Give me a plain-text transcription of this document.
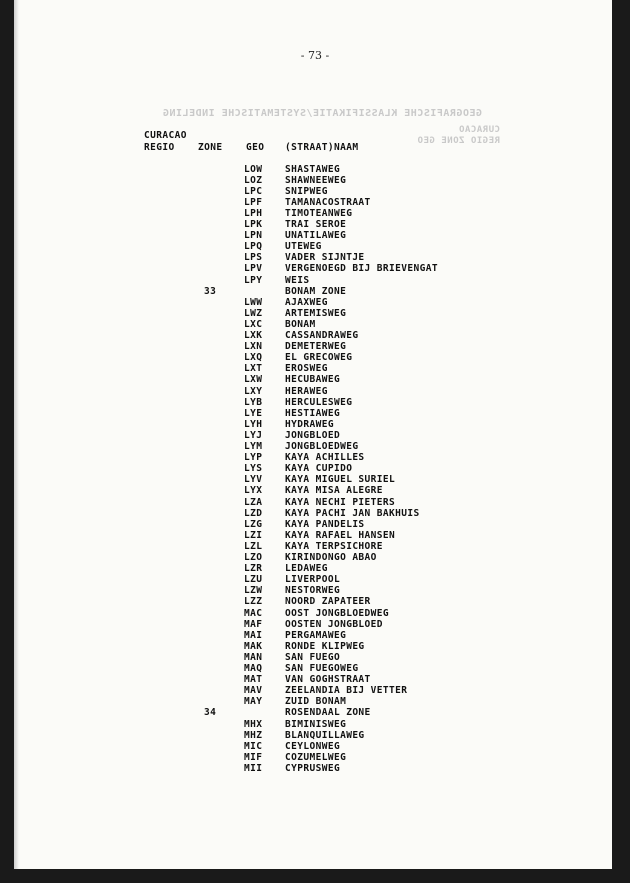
- 73 -
GEOGRAFISCHE KLASSIFIKATIE/SYSTEMATISCHE INDELING
CURACAO
REGIO ZONE GEO
CURACAO
REGIO ZONE GEO (STRAAT)NAAM
LOW SHASTAWEG
LOZ SHAWNEEWEG
LPC SNIPWEG
LPF TAMANACOSTRAAT
LPH TIMOTEANWEG
LPK TRAI SEROE
LPN UNATILAWEG
LPQ UTEWEG
LPS VADER SIJNTJE
LPV VERGENOEGD BIJ BRIEVENGAT
LPY WEIS
33	BONAM ZONE
LWW AJAXWEG
LWZ ARTEMISWEG
LXC BONAM
LXK CASSANDRAWEG
LXN DEMETERWEG
LXQ EL GRECOWEG
LXT EROSWEG
LXW HECUBAWEG
LXY HERAWEG
LYB HERCULESWEG
LYE HESTIAWEG
LYH HYDRAWEG
LYJ JONGBLOED
LYM JONGBLOEDWEG
LYP KAYA ACHILLES
LYS KAYA CUPIDO
LYV KAYA MIGUEL SURIEL
LYX KAYA MISA ALEGRE
LZA KAYA NECHI PIETERS
LZD KAYA PACHI JAN BAKHUIS
LZG KAYA PANDELIS
LZI KAYA RAFAEL HANSEN
LZL KAYA TERPSICHORE
LZO KIRINDONGO ABAO
LZR LEDAWEG
LZU LIVERPOOL
LZW NESTORWEG
LZZ NOORD ZAPATEER
MAC OOST JONGBLOEDWEG
MAF OOSTEN JONGBLOED
MAI PERGAMAWEG
MAK RONDE KLIPWEG
MAN SAN FUEGO
MAQ SAN FUEGOWEG
MAT VAN GOGHSTRAAT
MAV ZEELANDIA BIJ VETTER
MAY ZUID BONAM
34	ROSENDAAL ZONE
MHX BIMINISWEG
MHZ BLANQUILLAWEG
MIC CEYLONWEG
MIF COZUMELWEG
MII CYPRUSWEG
